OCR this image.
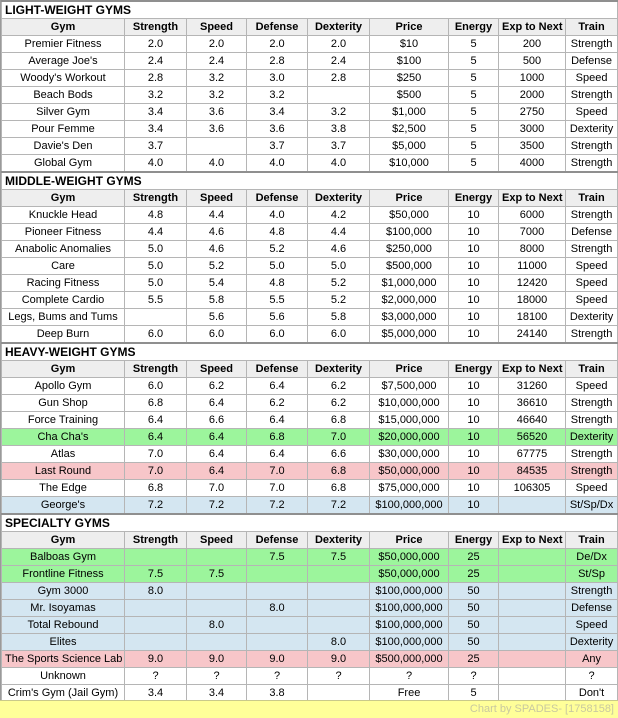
LIGHT-WEIGHT GYMS								
Gym	Strength	Speed	Defense	Dexterity	Price	Energy	Exp to Next	Train
Premier Fitness	2.0	2.0	2.0	2.0	$10	5	200	Strength
Average Joe's	2.4	2.4	2.8	2.4	$100	5	500	Defense
Woody's Workout	2.8	3.2	3.0	2.8	$250	5	1000	Speed
Beach Bods	3.2	3.2	3.2		$500	5	2000	Strength
Silver Gym	3.4	3.6	3.4	3.2	$1,000	5	2750	Speed
Pour Femme	3.4	3.6	3.6	3.8	$2,500	5	3000	Dexterity
Davie's Den	3.7		3.7	3.7	$5,000	5	3500	Strength
Global Gym	4.0	4.0	4.0	4.0	$10,000	5	4000	Strength
MIDDLE-WEIGHT GYMS								
Gym	Strength	Speed	Defense	Dexterity	Price	Energy	Exp to Next	Train
Knuckle Head	4.8	4.4	4.0	4.2	$50,000	10	6000	Strength
Pioneer Fitness	4.4	4.6	4.8	4.4	$100,000	10	7000	Defense
Anabolic Anomalies	5.0	4.6	5.2	4.6	$250,000	10	8000	Strength
Care	5.0	5.2	5.0	5.0	$500,000	10	11000	Speed
Racing Fitness	5.0	5.4	4.8	5.2	$1,000,000	10	12420	Speed
Complete Cardio	5.5	5.8	5.5	5.2	$2,000,000	10	18000	Speed
Legs, Bums and Tums		5.6	5.6	5.8	$3,000,000	10	18100	Dexterity
Deep Burn	6.0	6.0	6.0	6.0	$5,000,000	10	24140	Strength
HEAVY-WEIGHT GYMS								
Gym	Strength	Speed	Defense	Dexterity	Price	Energy	Exp to Next	Train
Apollo Gym	6.0	6.2	6.4	6.2	$7,500,000	10	31260	Speed
Gun Shop	6.8	6.4	6.2	6.2	$10,000,000	10	36610	Strength
Force Training	6.4	6.6	6.4	6.8	$15,000,000	10	46640	Strength
Cha Cha's	6.4	6.4	6.8	7.0	$20,000,000	10	56520	Dexterity
Atlas	7.0	6.4	6.4	6.6	$30,000,000	10	67775	Strength
Last Round	7.0	6.4	7.0	6.8	$50,000,000	10	84535	Strength
The Edge	6.8	7.0	7.0	6.8	$75,000,000	10	106305	Speed
George's	7.2	7.2	7.2	7.2	$100,000,000	10		St/Sp/Dx
SPECIALTY GYMS								
Gym	Strength	Speed	Defense	Dexterity	Price	Energy	Exp to Next	Train
Balboas Gym			7.5	7.5	$50,000,000	25		De/Dx
Frontline Fitness	7.5	7.5			$50,000,000	25		St/Sp
Gym 3000	8.0				$100,000,000	50		Strength
Mr. Isoyamas			8.0		$100,000,000	50		Defense
Total Rebound		8.0			$100,000,000	50		Speed
Elites				8.0	$100,000,000	50		Dexterity
The Sports Science Lab	9.0	9.0	9.0	9.0	$500,000,000	25		Any
Unknown	?	?	?	?	?	?		?
Crim's Gym (Jail Gym)	3.4	3.4	3.8		Free	5		Don't
Chart by SPADES- [1758158]
